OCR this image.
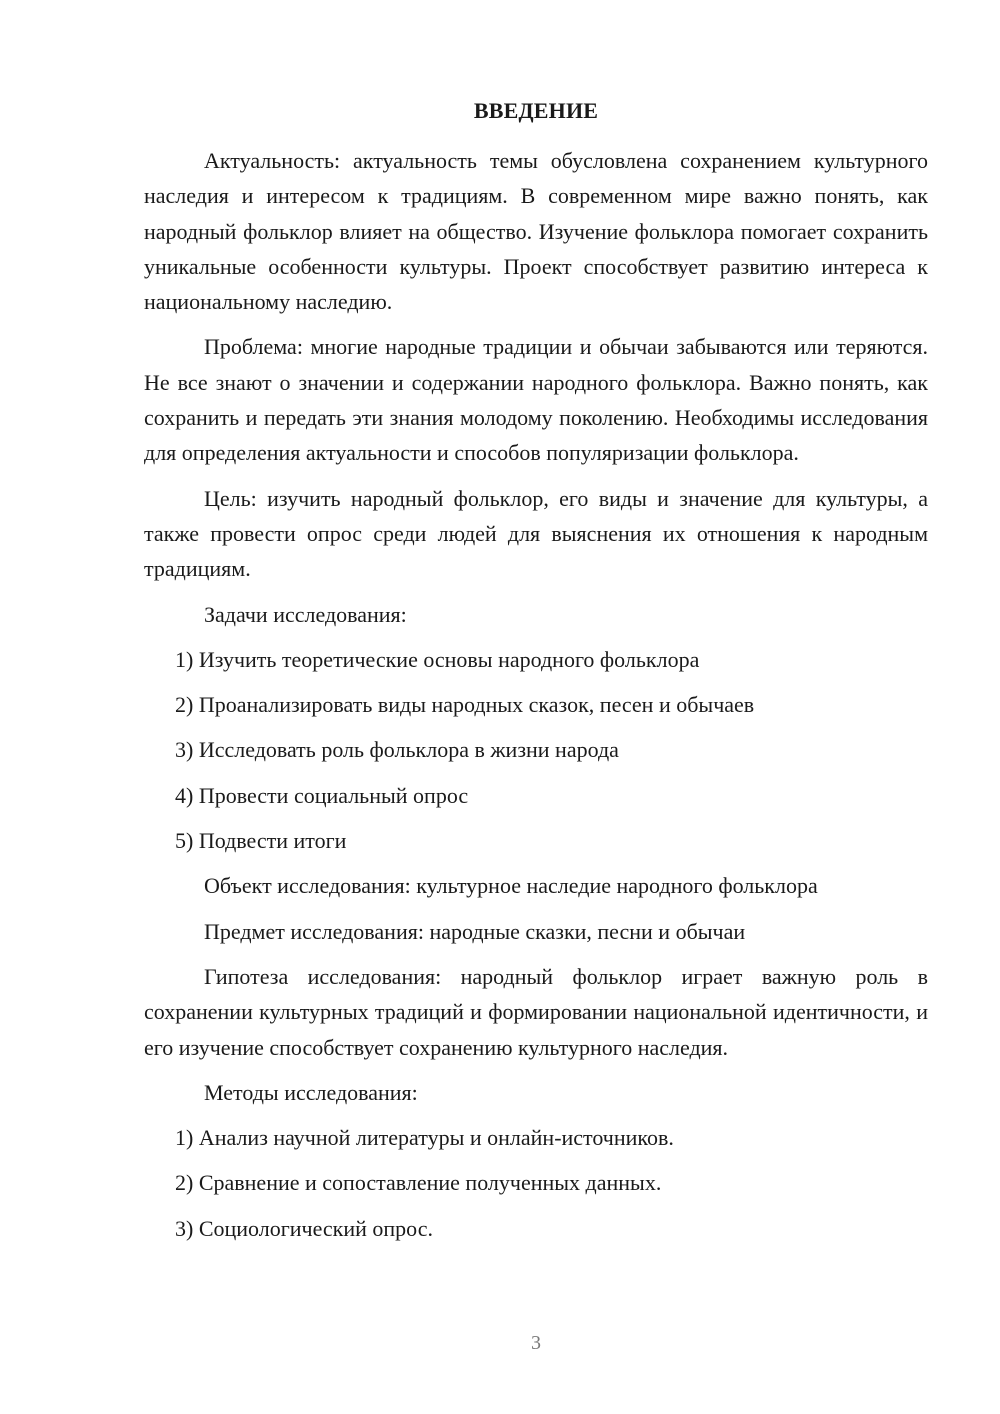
ВВЕДЕНИЕ

Актуальность: актуальность темы обусловлена сохранением культурного наследия и интересом к традициям. В современном мире важно понять, как народный фольклор влияет на общество. Изучение фольклора помогает сохранить уникальные особенности культуры. Проект способствует развитию интереса к национальному наследию.

Проблема: многие народные традиции и обычаи забываются или теряются. Не все знают о значении и содержании народного фольклора. Важно понять, как сохранить и передать эти знания молодому поколению. Необходимы исследования для определения актуальности и способов популяризации фольклора.

Цель: изучить народный фольклор, его виды и значение для культуры, а также провести опрос среди людей для выяснения их отношения к народным традициям.

Задачи исследования:
1) Изучить теоретические основы народного фольклора
2) Проанализировать виды народных сказок, песен и обычаев
3) Исследовать роль фольклора в жизни народа
4) Провести социальный опрос
5) Подвести итоги
Объект исследования: культурное наследие народного фольклора
Предмет исследования: народные сказки, песни и обычаи

Гипотеза исследования: народный фольклор играет важную роль в сохранении культурных традиций и формировании национальной идентичности, и его изучение способствует сохранению культурного наследия.

Методы исследования:
1) Анализ научной литературы и онлайн-источников.
2) Сравнение и сопоставление полученных данных.
3) Социологический опрос.
3
